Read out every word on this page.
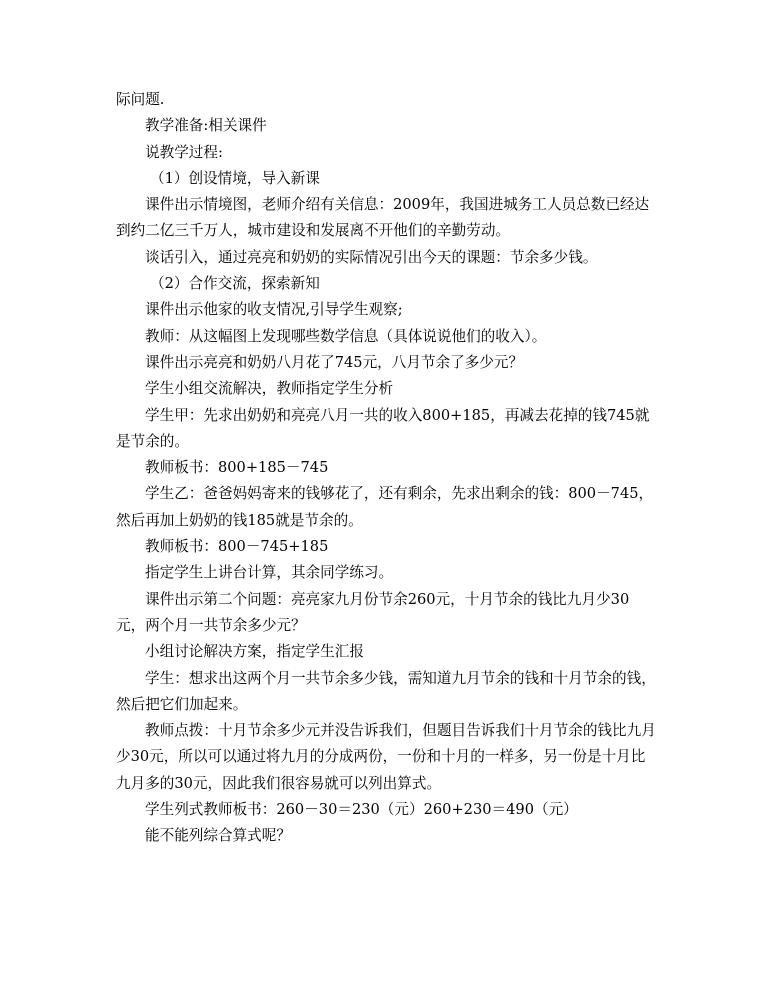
际问题.

教学准备:相关课件

说教学过程:

（1）创设情境，导入新课

课件出示情境图，老师介绍有关信息：2009年，我国进城务工人员总数已经达到约二亿三千万人，城市建设和发展离不开他们的辛勤劳动。

谈话引入，通过亮亮和奶奶的实际情况引出今天的课题：节余多少钱。

（2）合作交流，探索新知

课件出示他家的收支情况,引导学生观察;

教师：从这幅图上发现哪些数学信息（具体说说他们的收入）。

课件出示亮亮和奶奶八月花了745元，八月节余了多少元？

学生小组交流解决，教师指定学生分析

学生甲：先求出奶奶和亮亮八月一共的收入800+185，再减去花掉的钱745就是节余的。

教师板书：800+185－745

学生乙：爸爸妈妈寄来的钱够花了，还有剩余，先求出剩余的钱：800－745，然后再加上奶奶的钱185就是节余的。

教师板书：800－745+185

指定学生上讲台计算，其余同学练习。

课件出示第二个问题：亮亮家九月份节余260元，十月节余的钱比九月少30元，两个月一共节余多少元？

小组讨论解决方案，指定学生汇报

学生：想求出这两个月一共节余多少钱，需知道九月节余的钱和十月节余的钱，然后把它们加起来。

教师点拨：十月节余多少元并没告诉我们，但题目告诉我们十月节余的钱比九月少30元，所以可以通过将九月的分成两份，一份和十月的一样多，另一份是十月比九月多的30元，因此我们很容易就可以列出算式。

学生列式教师板书：260－30＝230（元）260+230＝490（元）

能不能列综合算式呢？
